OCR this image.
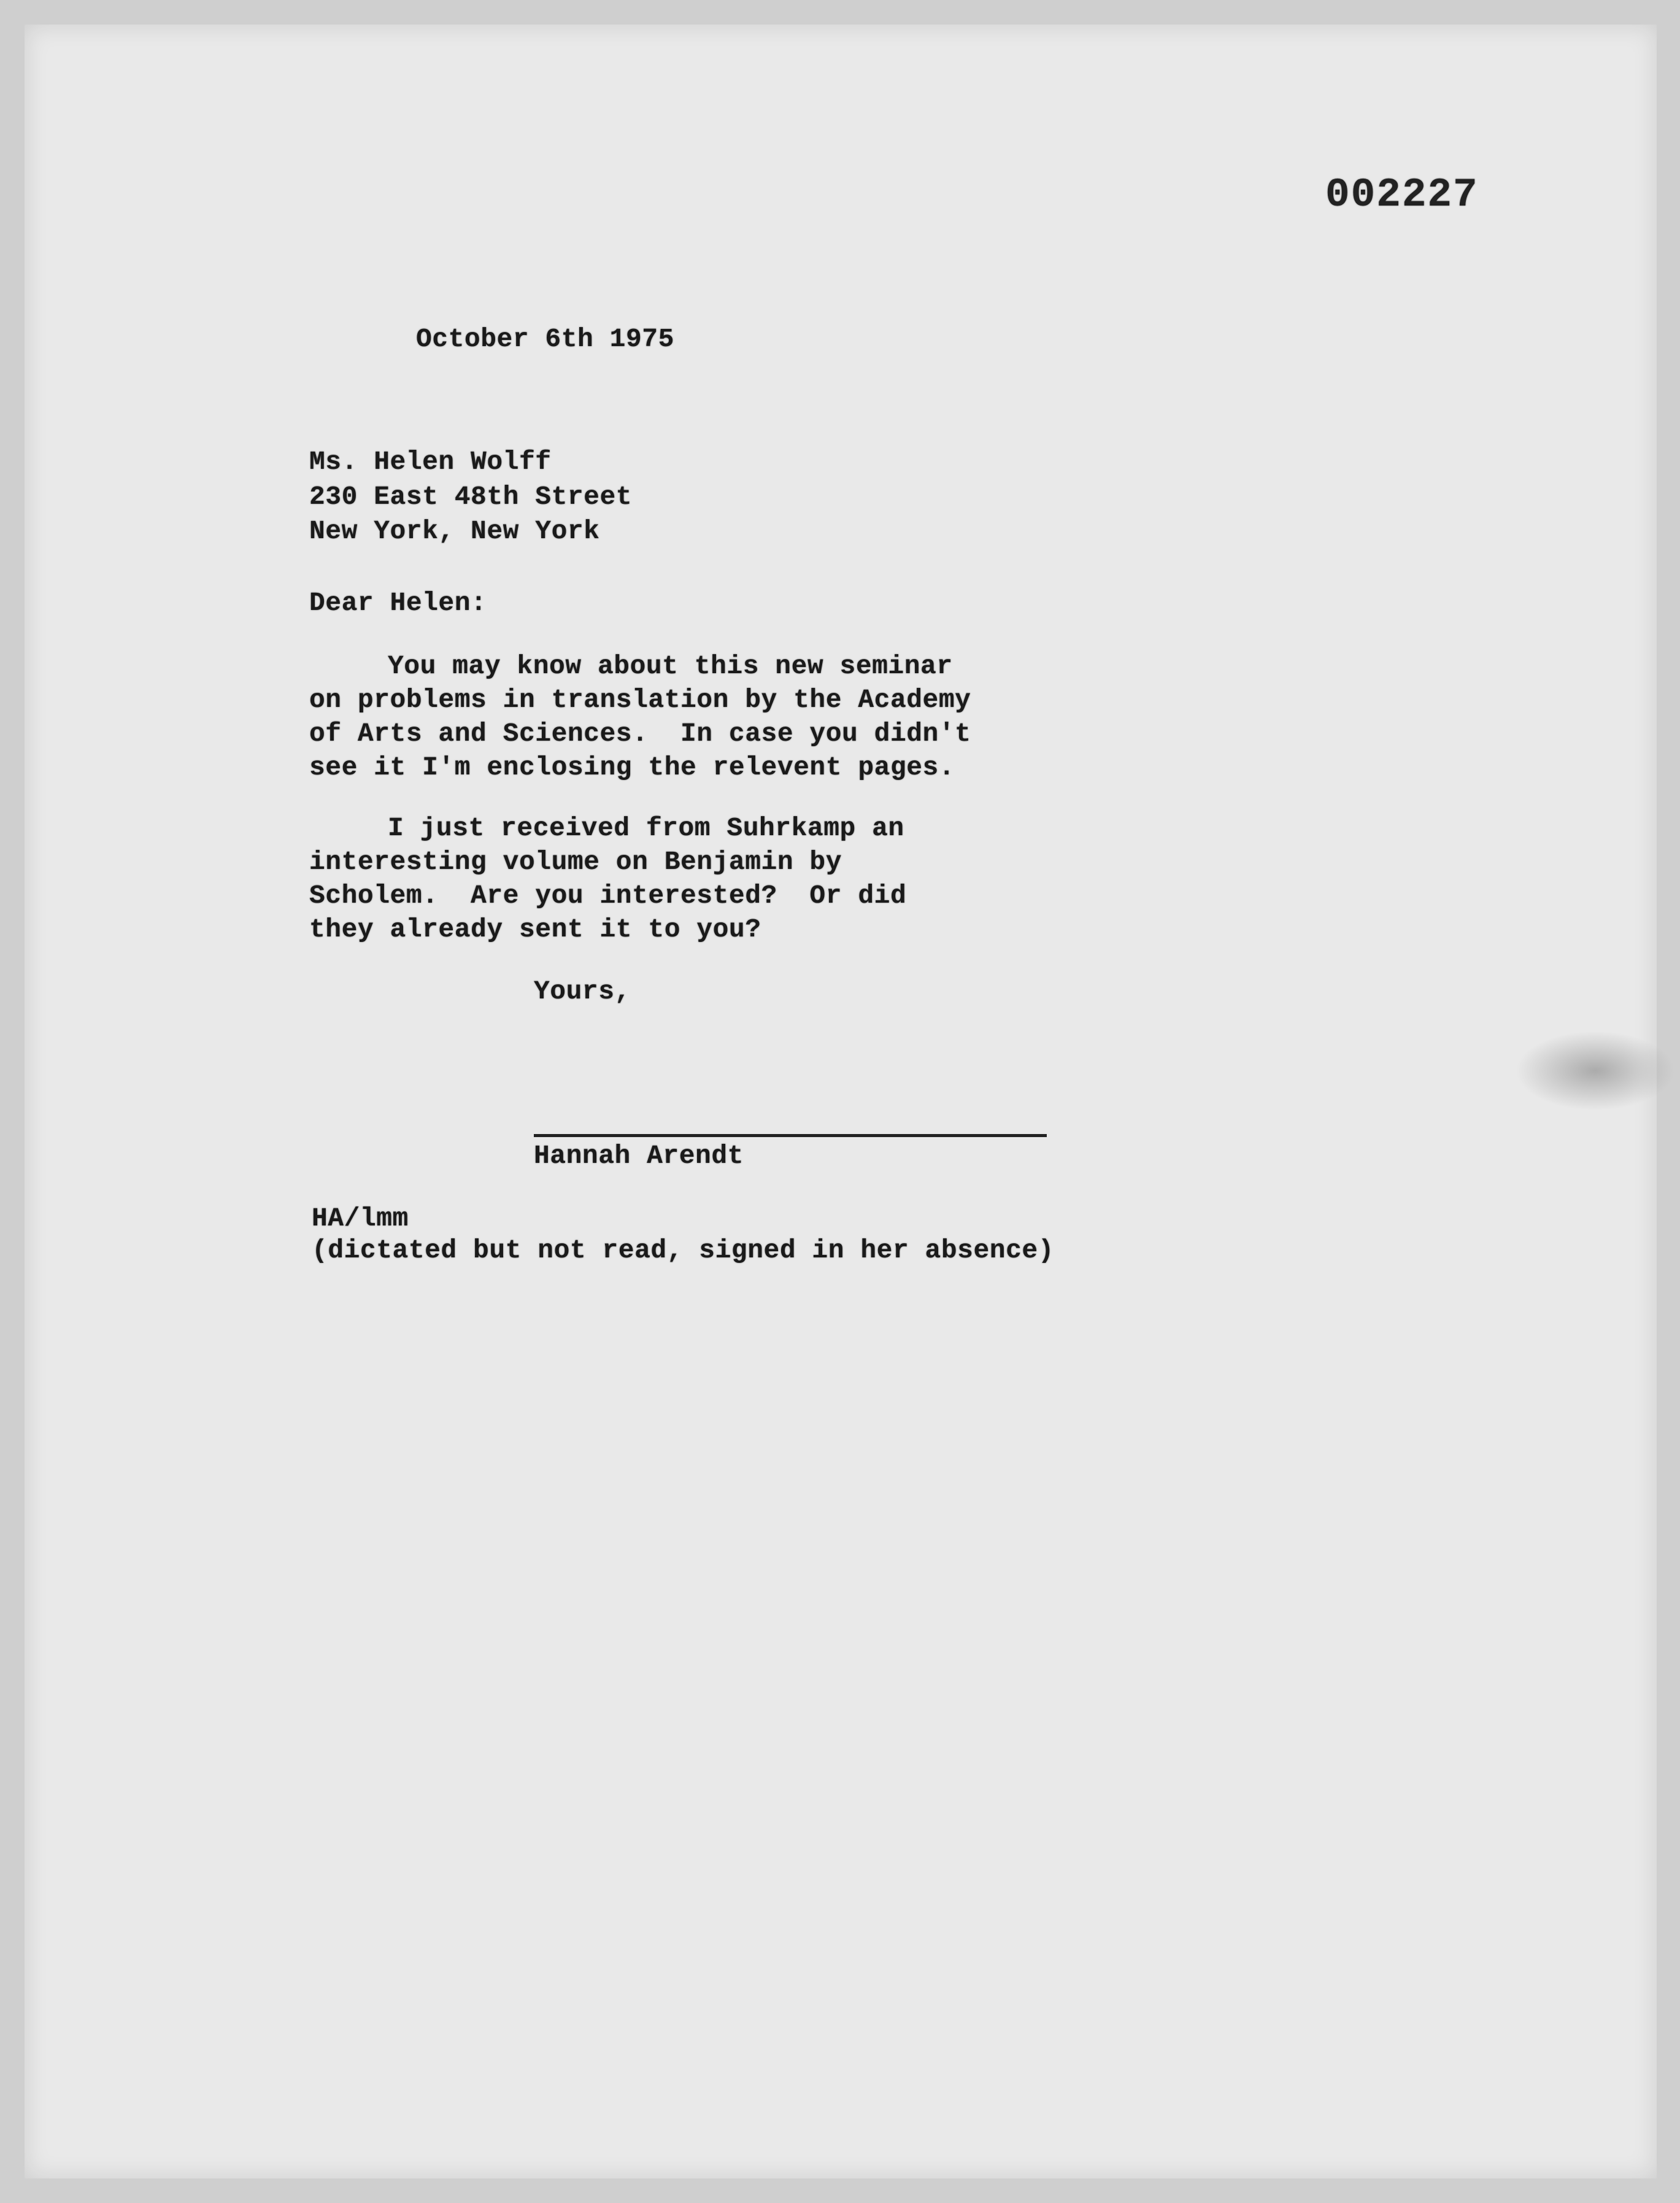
002227
October 6th 1975
Ms. Helen Wolff
230 East 48th Street
New York, New York
Dear Helen:
You may know about this new seminar
on problems in translation by the Academy
of Arts and Sciences.  In case you didn't
see it I'm enclosing the relevent pages.
I just received from Suhrkamp an
interesting volume on Benjamin by
Scholem.  Are you interested?  Or did
they already sent it to you?
Yours,
Hannah Arendt
HA/lmm
(dictated but not read, signed in her absence)
